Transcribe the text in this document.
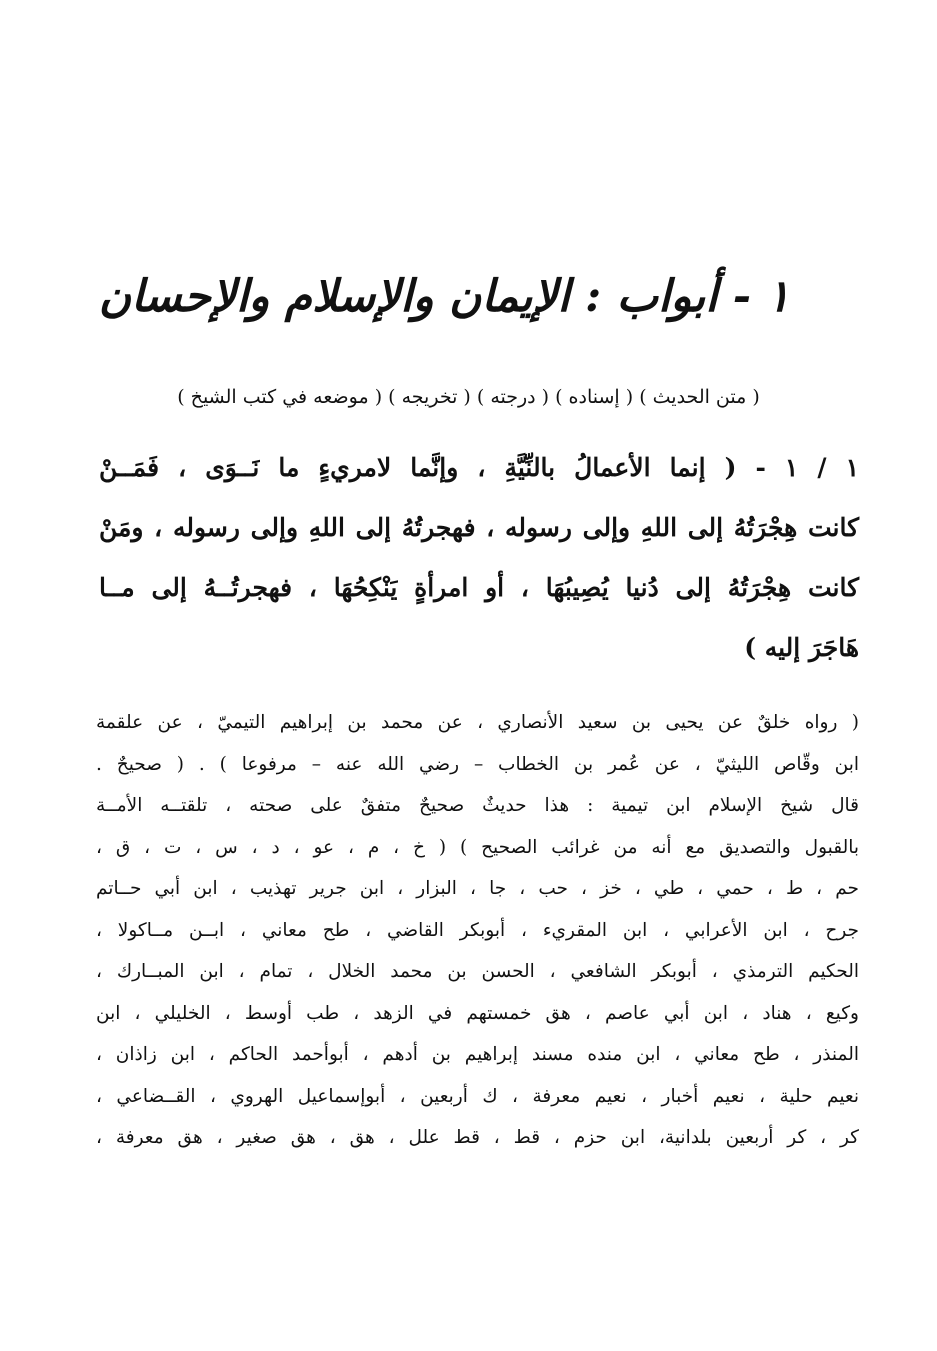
١ - أبواب : الإيمان والإسلام والإحسان
( متن الحديث ) ( إسناده ) ( درجته ) ( تخريجه ) ( موضعه في كتب الشيخ )
١ / ١ - ( إنما الأعمالُ بالنِّيَّةِ ، وإنَّما لامريءٍ ما نَــوَى ، فَمَــنْ
كانت هِجْرَتُهُ إلى اللهِ وإلى رسوله ، فهجرتُهُ إلى اللهِ وإلى رسوله ، ومَنْ
كانت هِجْرَتُهُ إلى دُنيا يُصِيبُهَا ، أو امرأةٍ يَنْكِحُهَا ، فهجرتُــهُ إلى مــا
هَاجَرَ إليه )
( رواه خلقٌ عن يحيى بن سعيد الأنصاري ، عن محمد بن إبراهيم التيميّ ، عن علقمة
ابن وقّاص الليثيّ ، عن عُمر بن الخطاب – رضي الله عنه – مرفوعا ) . ( صحيحٌ .
قال شيخ الإسلام ابن تيمية : هذا حديثٌ صحيحٌ متفقٌ على صحته ، تلقتــه الأمــة
بالقبول والتصديق مع أنه من غرائب الصحيح ) ( خ ، م ، عو ، د ، س ، ت ، ق ،
حم ، ط ، حمي ، طي ، خز ، حب ، جا ، البزار ، ابن جرير تهذيب ، ابن أبي حــاتم
جرح ، ابن الأعرابي ، ابن المقريء ، أبوبكر القاضي ، طح معاني ، ابــن مــاكولا ،
الحكيم الترمذي ، أبوبكر الشافعي ، الحسن بن محمد الخلال ، تمام ، ابن المبــارك ،
وكيع ، هناد ، ابن أبي عاصم ، هق خمستهم في الزهد ، طب أوسط ، الخليلي ، ابن
المنذر ، طح معاني ، ابن منده مسند إبراهيم بن أدهم ، أبوأحمد الحاكم ، ابن زاذان ،
نعيم حلية ، نعيم أخبار ، نعيم معرفة ، ك أربعين ، أبوإسماعيل الهروي ، القــضاعي ،
كر ، كر أربعين بلدانية، ابن حزم ، قط ، قط علل ، هق ، هق صغير ، هق معرفة ،
